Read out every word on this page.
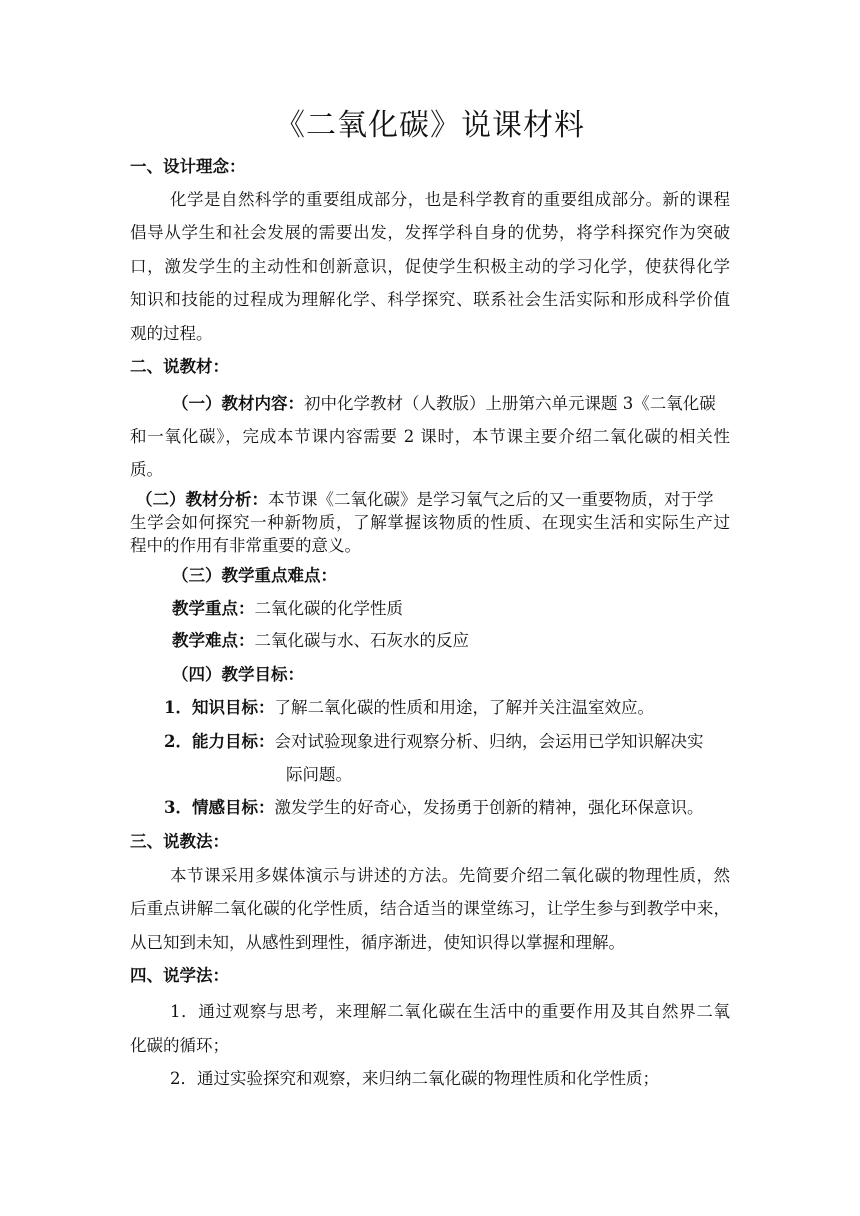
《二氧化碳》说课材料
一、设计理念：
化学是自然科学的重要组成部分，也是科学教育的重要组成部分。新的课程
倡导从学生和社会发展的需要出发，发挥学科自身的优势，将学科探究作为突破
口，激发学生的主动性和创新意识，促使学生积极主动的学习化学，使获得化学
知识和技能的过程成为理解化学、科学探究、联系社会生活实际和形成科学价值
观的过程。
二、说教材：
（一）教材内容：初中化学教材（人教版）上册第六单元课题 3《二氧化碳
和一氧化碳》，完成本节课内容需要 2 课时，本节课主要介绍二氧化碳的相关性
质。
（二）教材分析：本节课《二氧化碳》是学习氧气之后的又一重要物质，对于学
生学会如何探究一种新物质，了解掌握该物质的性质、在现实生活和实际生产过
程中的作用有非常重要的意义。
（三）教学重点难点：
教学重点：二氧化碳的化学性质
教学难点：二氧化碳与水、石灰水的反应
（四）教学目标：
1．知识目标：了解二氧化碳的性质和用途，了解并关注温室效应。
2．能力目标：会对试验现象进行观察分析、归纳，会运用已学知识解决实
际问题。
3．情感目标：激发学生的好奇心，发扬勇于创新的精神，强化环保意识。
三、说教法：
本节课采用多媒体演示与讲述的方法。先简要介绍二氧化碳的物理性质，然
后重点讲解二氧化碳的化学性质，结合适当的课堂练习，让学生参与到教学中来，
从已知到未知，从感性到理性，循序渐进，使知识得以掌握和理解。
四、说学法：
1．通过观察与思考，来理解二氧化碳在生活中的重要作用及其自然界二氧
化碳的循环；
2．通过实验探究和观察，来归纳二氧化碳的物理性质和化学性质；
